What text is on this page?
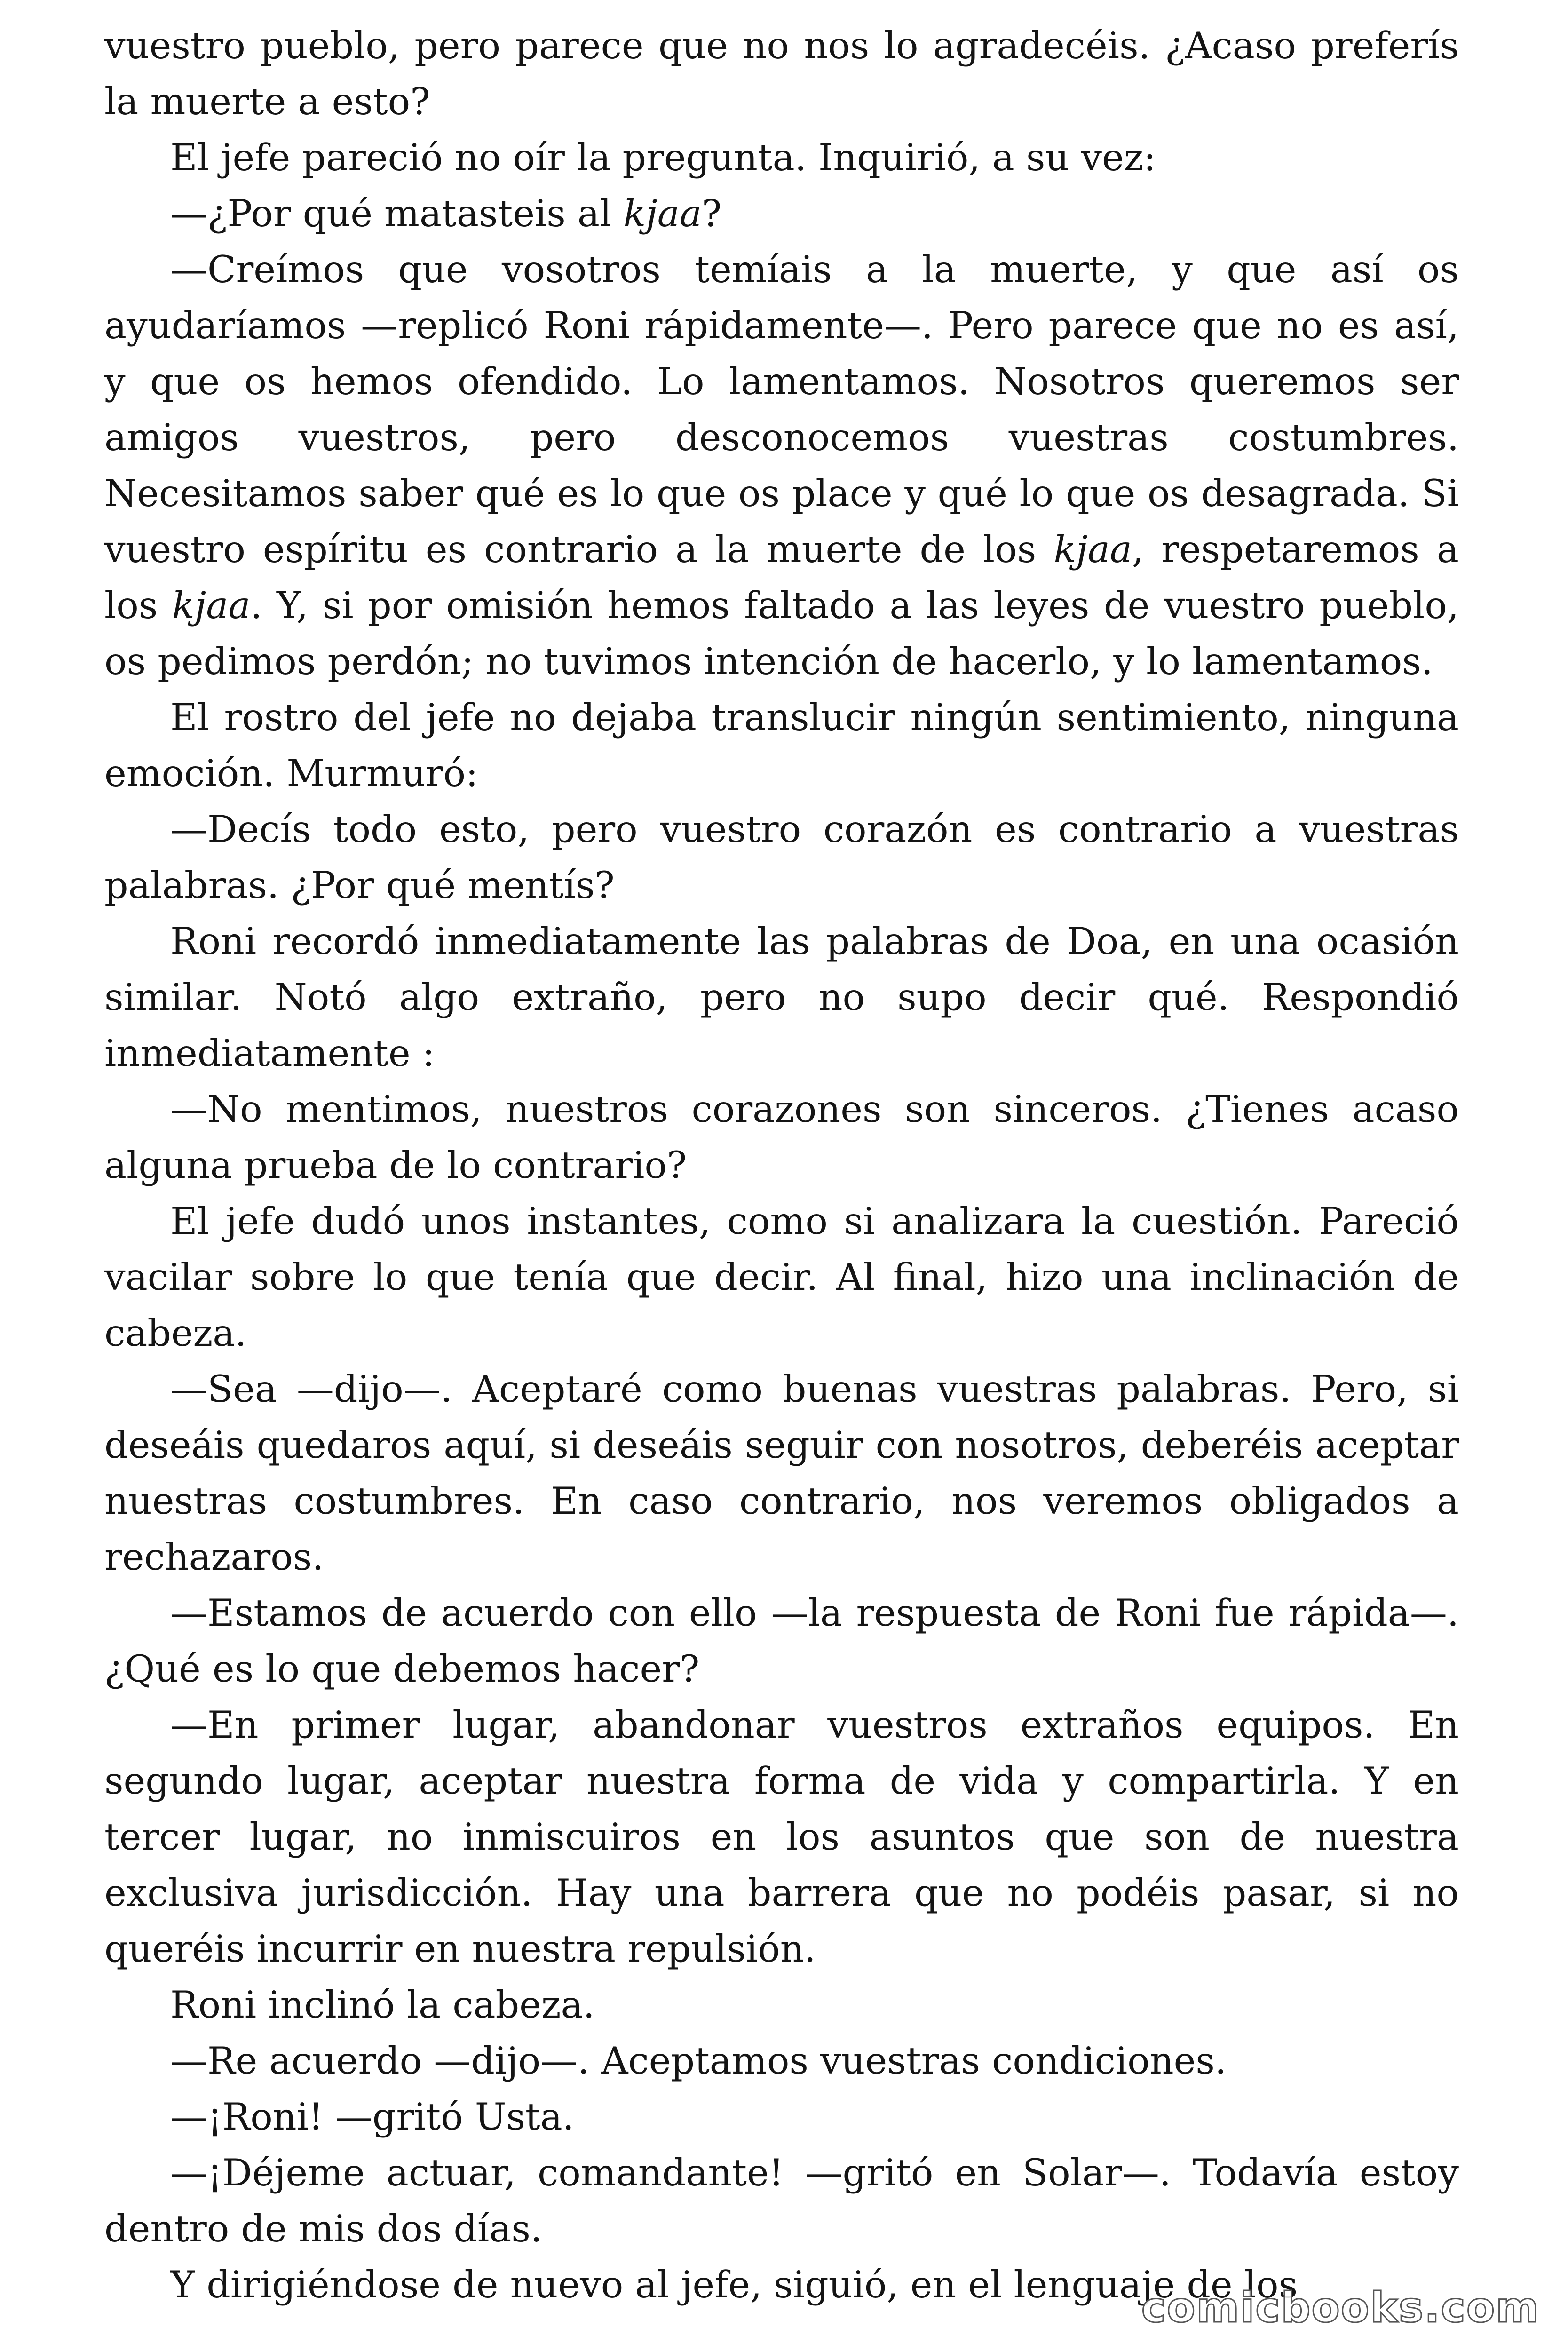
vuestro pueblo, pero parece que no nos lo agradecéis. ¿Acaso preferís la muerte a esto?

El jefe pareció no oír la pregunta. Inquirió, a su vez:

—¿Por qué matasteis al kjaa?

—Creímos que vosotros temíais a la muerte, y que así os ayudaríamos —replicó Roni rápidamente—. Pero parece que no es así, y que os hemos ofendido. Lo lamentamos. Nosotros queremos ser amigos vuestros, pero desconocemos vuestras costumbres. Necesitamos saber qué es lo que os place y qué lo que os desagrada. Si vuestro espíritu es contrario a la muerte de los kjaa, respetaremos a los kjaa. Y, si por omisión hemos faltado a las leyes de vuestro pueblo, os pedimos perdón; no tuvimos intención de hacerlo, y lo lamentamos.

El rostro del jefe no dejaba translucir ningún sentimiento, ninguna emoción. Murmuró:

—Decís todo esto, pero vuestro corazón es contrario a vuestras palabras. ¿Por qué mentís?

Roni recordó inmediatamente las palabras de Doa, en una ocasión similar. Notó algo extraño, pero no supo decir qué. Respondió inmediatamente :

—No mentimos, nuestros corazones son sinceros. ¿Tienes acaso alguna prueba de lo contrario?

El jefe dudó unos instantes, como si analizara la cuestión. Pareció vacilar sobre lo que tenía que decir. Al final, hizo una inclinación de cabeza.

—Sea —dijo—. Aceptaré como buenas vuestras palabras. Pero, si deseáis quedaros aquí, si deseáis seguir con nosotros, deberéis aceptar nuestras costumbres. En caso contrario, nos veremos obligados a rechazaros.

—Estamos de acuerdo con ello —la respuesta de Roni fue rápida—. ¿Qué es lo que debemos hacer?

—En primer lugar, abandonar vuestros extraños equipos. En segundo lugar, aceptar nuestra forma de vida y compartirla. Y en tercer lugar, no inmiscuiros en los asuntos que son de nuestra exclusiva jurisdicción. Hay una barrera que no podéis pasar, si no queréis incurrir en nuestra repulsión.

Roni inclinó la cabeza.

—Re acuerdo —dijo—. Aceptamos vuestras condiciones.

—¡Roni! —gritó Usta.

—¡Déjeme actuar, comandante! —gritó en Solar—. Todavía estoy dentro de mis dos días.

Y dirigiéndose de nuevo al jefe, siguió, en el lenguaje de los

comicbooks.com
